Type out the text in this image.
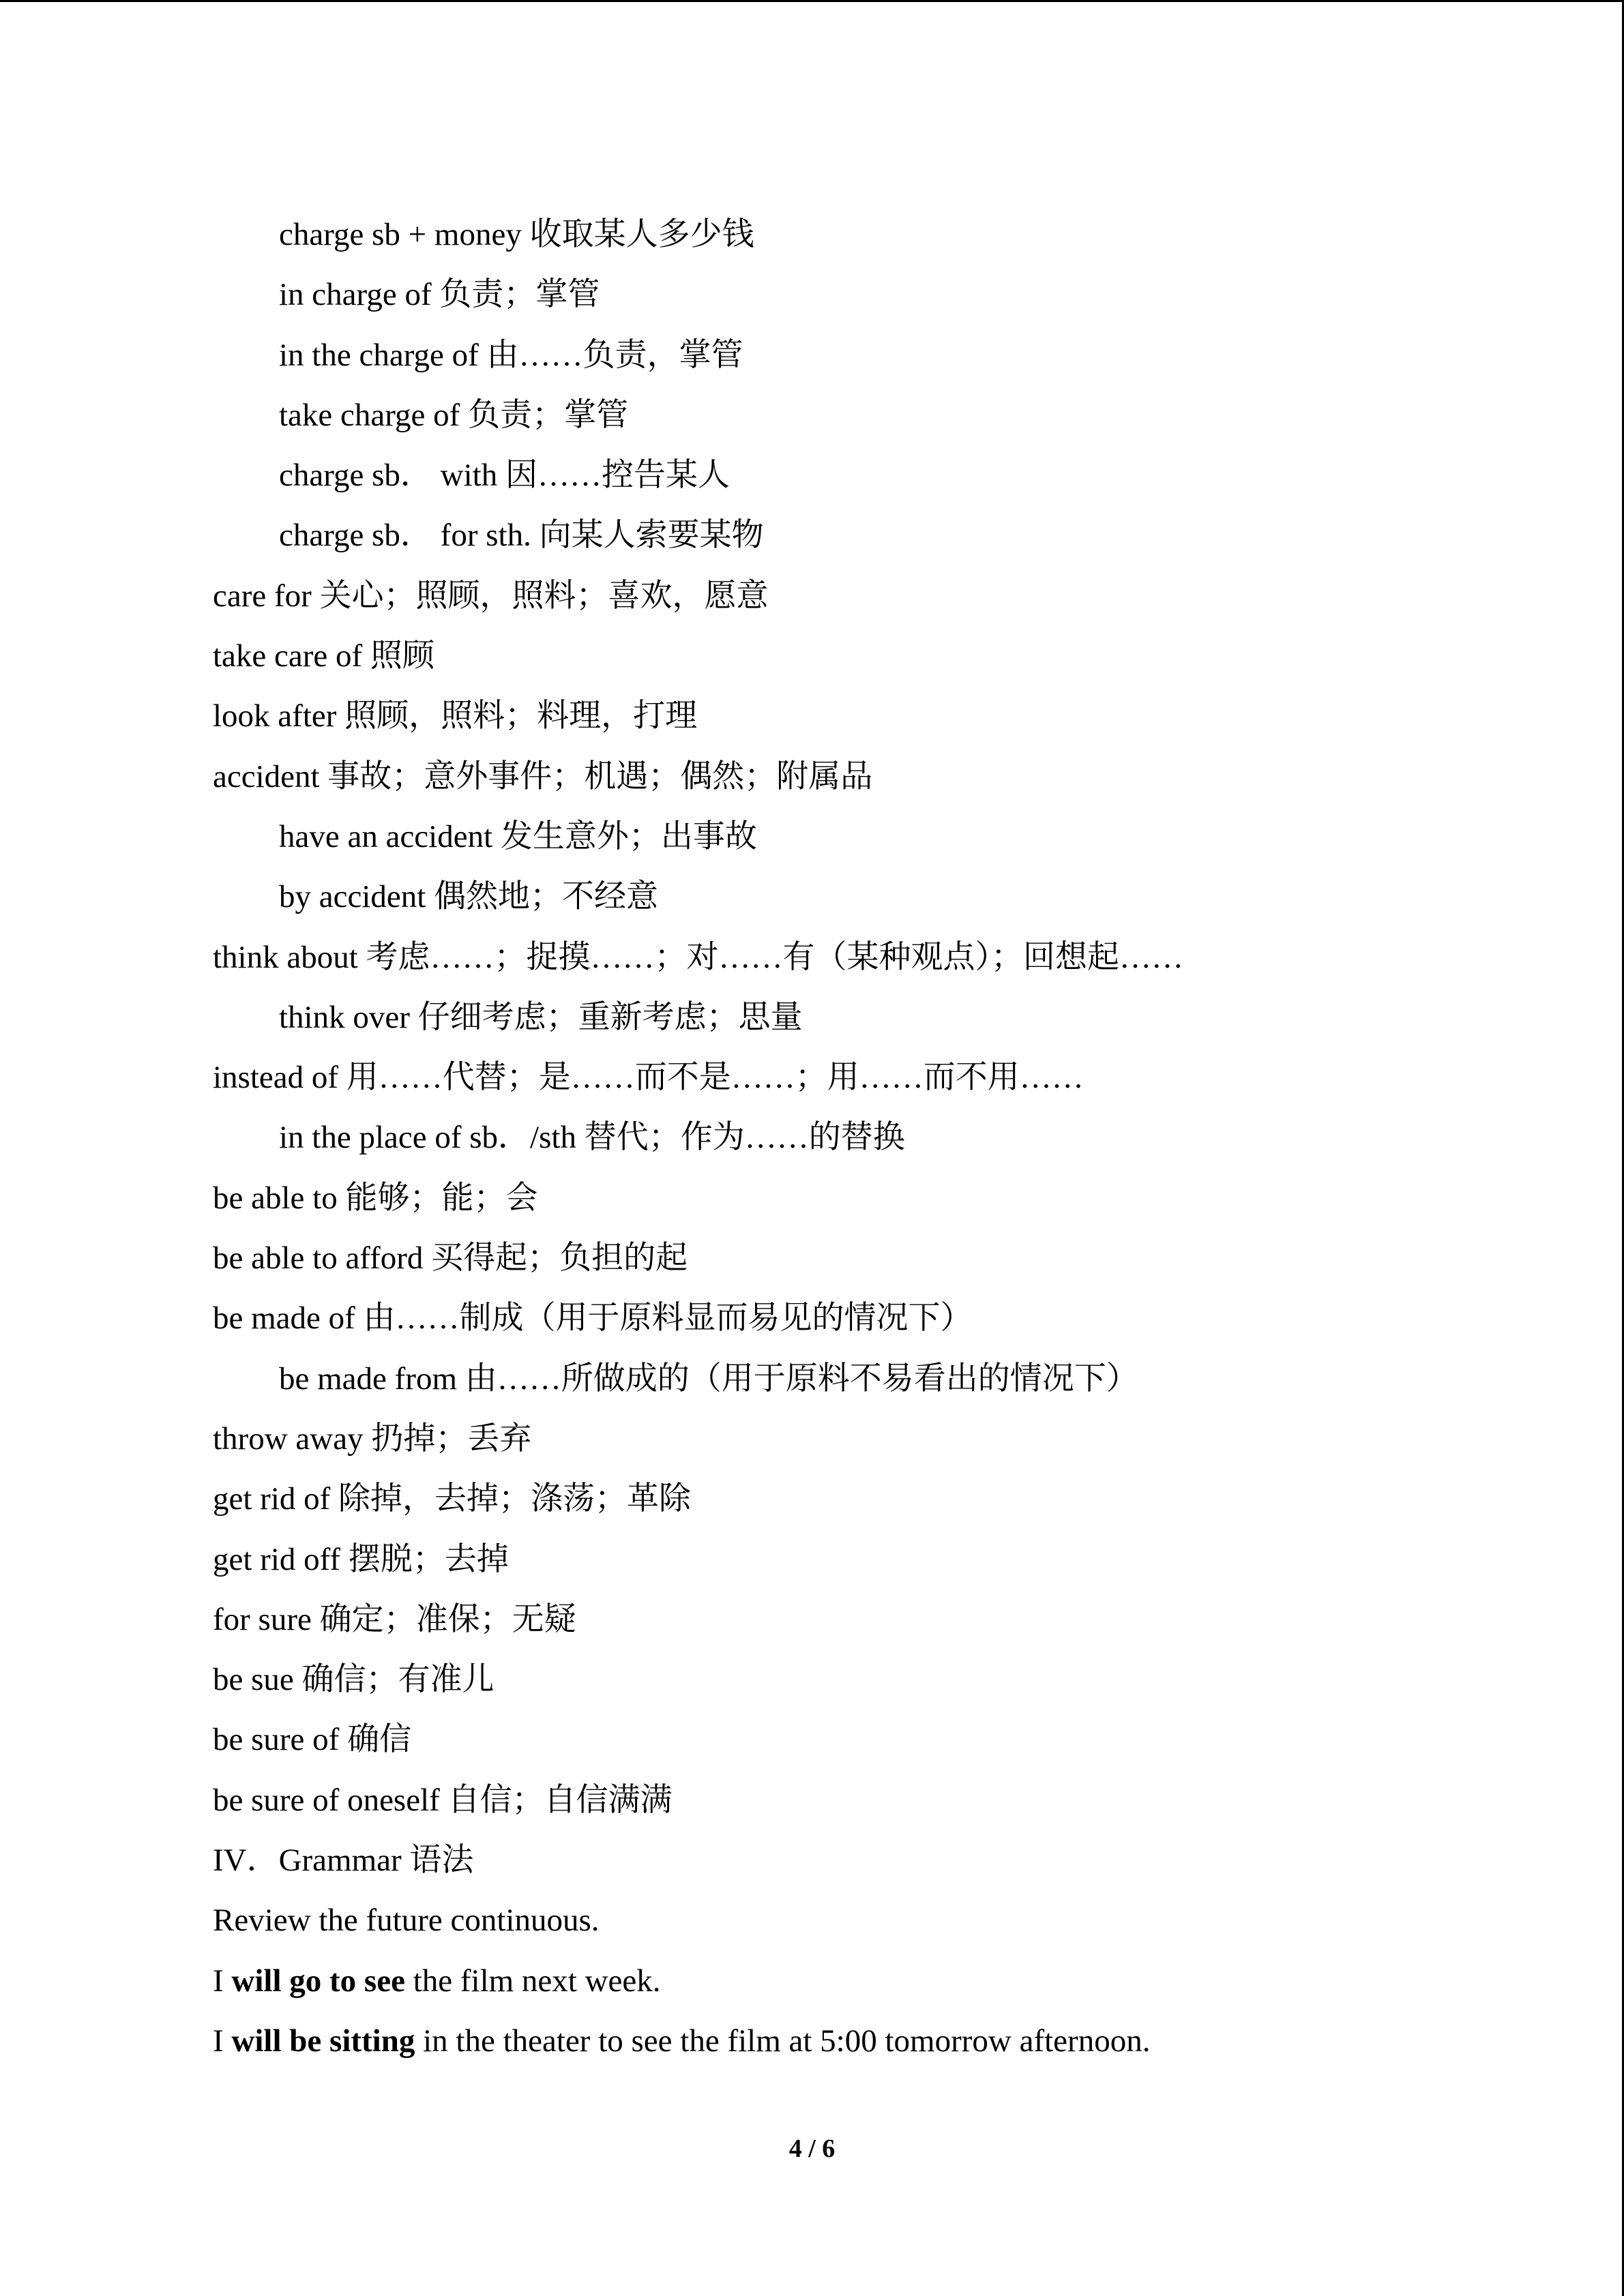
charge sb + money 收取某人多少钱
in charge of 负责；掌管
in the charge of 由……负责，掌管
take charge of 负责；掌管
charge sb． with 因……控告某人
charge sb． for sth. 向某人索要某物
care for 关心；照顾，照料；喜欢，愿意
take care of 照顾
look after 照顾，照料；料理，打理
accident 事故；意外事件；机遇；偶然；附属品
have an accident 发生意外；出事故
by accident 偶然地；不经意
think about 考虑……；捉摸……；对……有（某种观点）；回想起……
think over 仔细考虑；重新考虑；思量
instead of 用……代替；是……而不是……；用……而不用……
in the place of sb．/sth 替代；作为……的替换
be able to 能够；能；会
be able to afford 买得起；负担的起
be made of 由……制成（用于原料显而易见的情况下）
be made from 由……所做成的（用于原料不易看出的情况下）
throw away 扔掉；丢弃
get rid of 除掉，去掉；涤荡；革除
get rid off 摆脱；去掉
for sure 确定；准保；无疑
be sue 确信；有准儿
be sure of 确信
be sure of oneself 自信；自信满满
IV．Grammar 语法
Review the future continuous.
I will go to see the film next week.
I will be sitting in the theater to see the film at 5:00 tomorrow afternoon.
4 / 6
